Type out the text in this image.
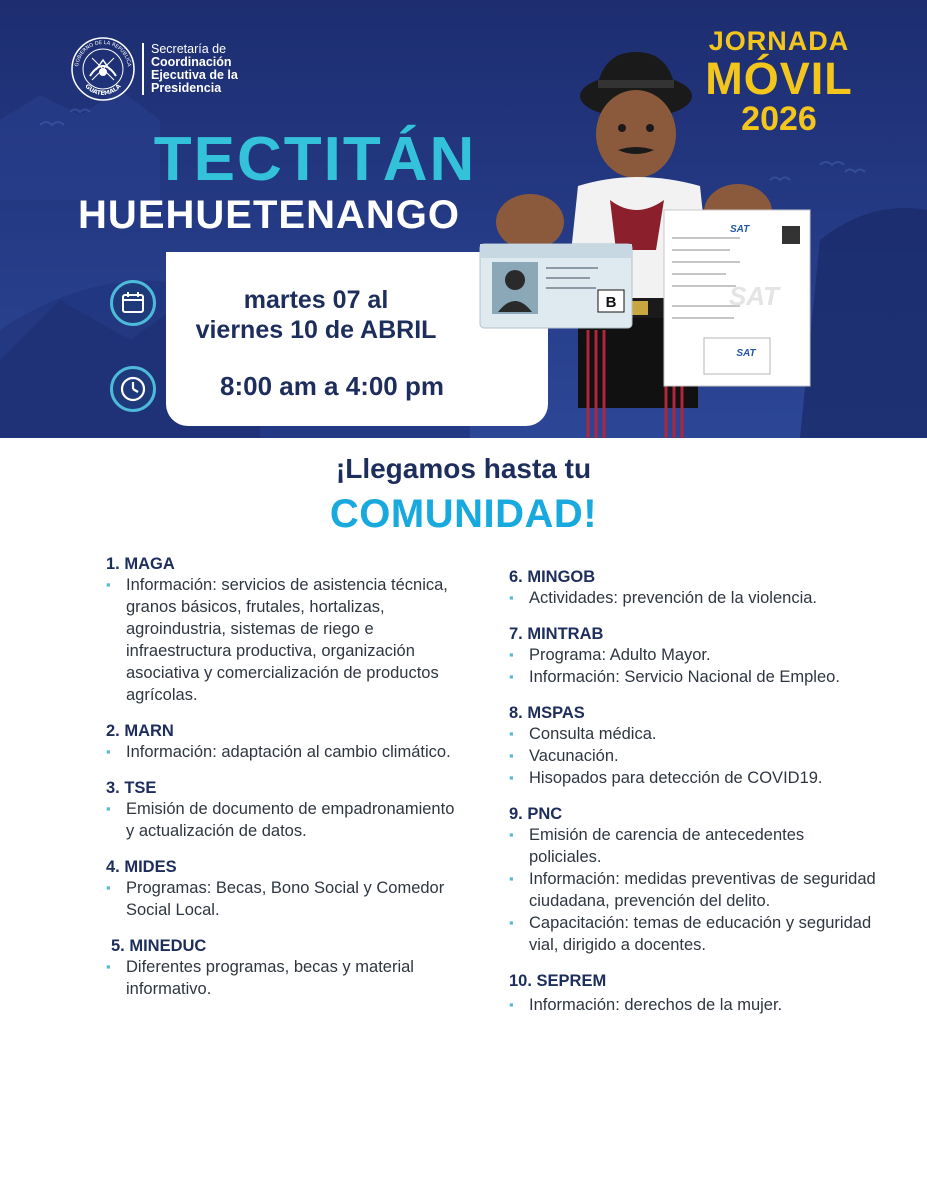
GOBIERNO DE LA REPÚBLICA
GUATEMALA
Secretaría de
Coordinación
Ejecutiva de la
Presidencia
JORNADA
MÓVIL
2026
TECTITÁN
HUEHUETENANGO
martes 07 al
viernes 10 de ABRIL
8:00 am a 4:00 pm
B	SAT
SAT
SAT
¡Llegamos hasta tu
COMUNIDAD!
1. MAGA
▪ Información: servicios de asistencia técnica, granos básicos, frutales, hortalizas, agroindustria, sistemas de riego e infraestructura productiva, organización asociativa y comercialización de productos agrícolas.
2. MARN
▪ Información: adaptación al cambio climático.
3. TSE
▪ Emisión de documento de empadronamiento y actualización de datos.
4. MIDES
▪ Programas: Becas, Bono Social y Comedor Social Local.
5. MINEDUC
▪ Diferentes programas, becas y material informativo.
6. MINGOB
▪ Actividades: prevención de la violencia.
7. MINTRAB
▪ Programa: Adulto Mayor.
▪ Información: Servicio Nacional de Empleo.
8. MSPAS
▪ Consulta médica.
▪ Vacunación.
▪ Hisopados para detección de COVID19.
9. PNC
▪ Emisión de carencia de antecedentes policiales.
▪ Información: medidas preventivas de seguridad ciudadana, prevención del delito.
▪ Capacitación: temas de educación y seguridad vial, dirigido a docentes.
10. SEPREM
▪ Información: derechos de la mujer.
